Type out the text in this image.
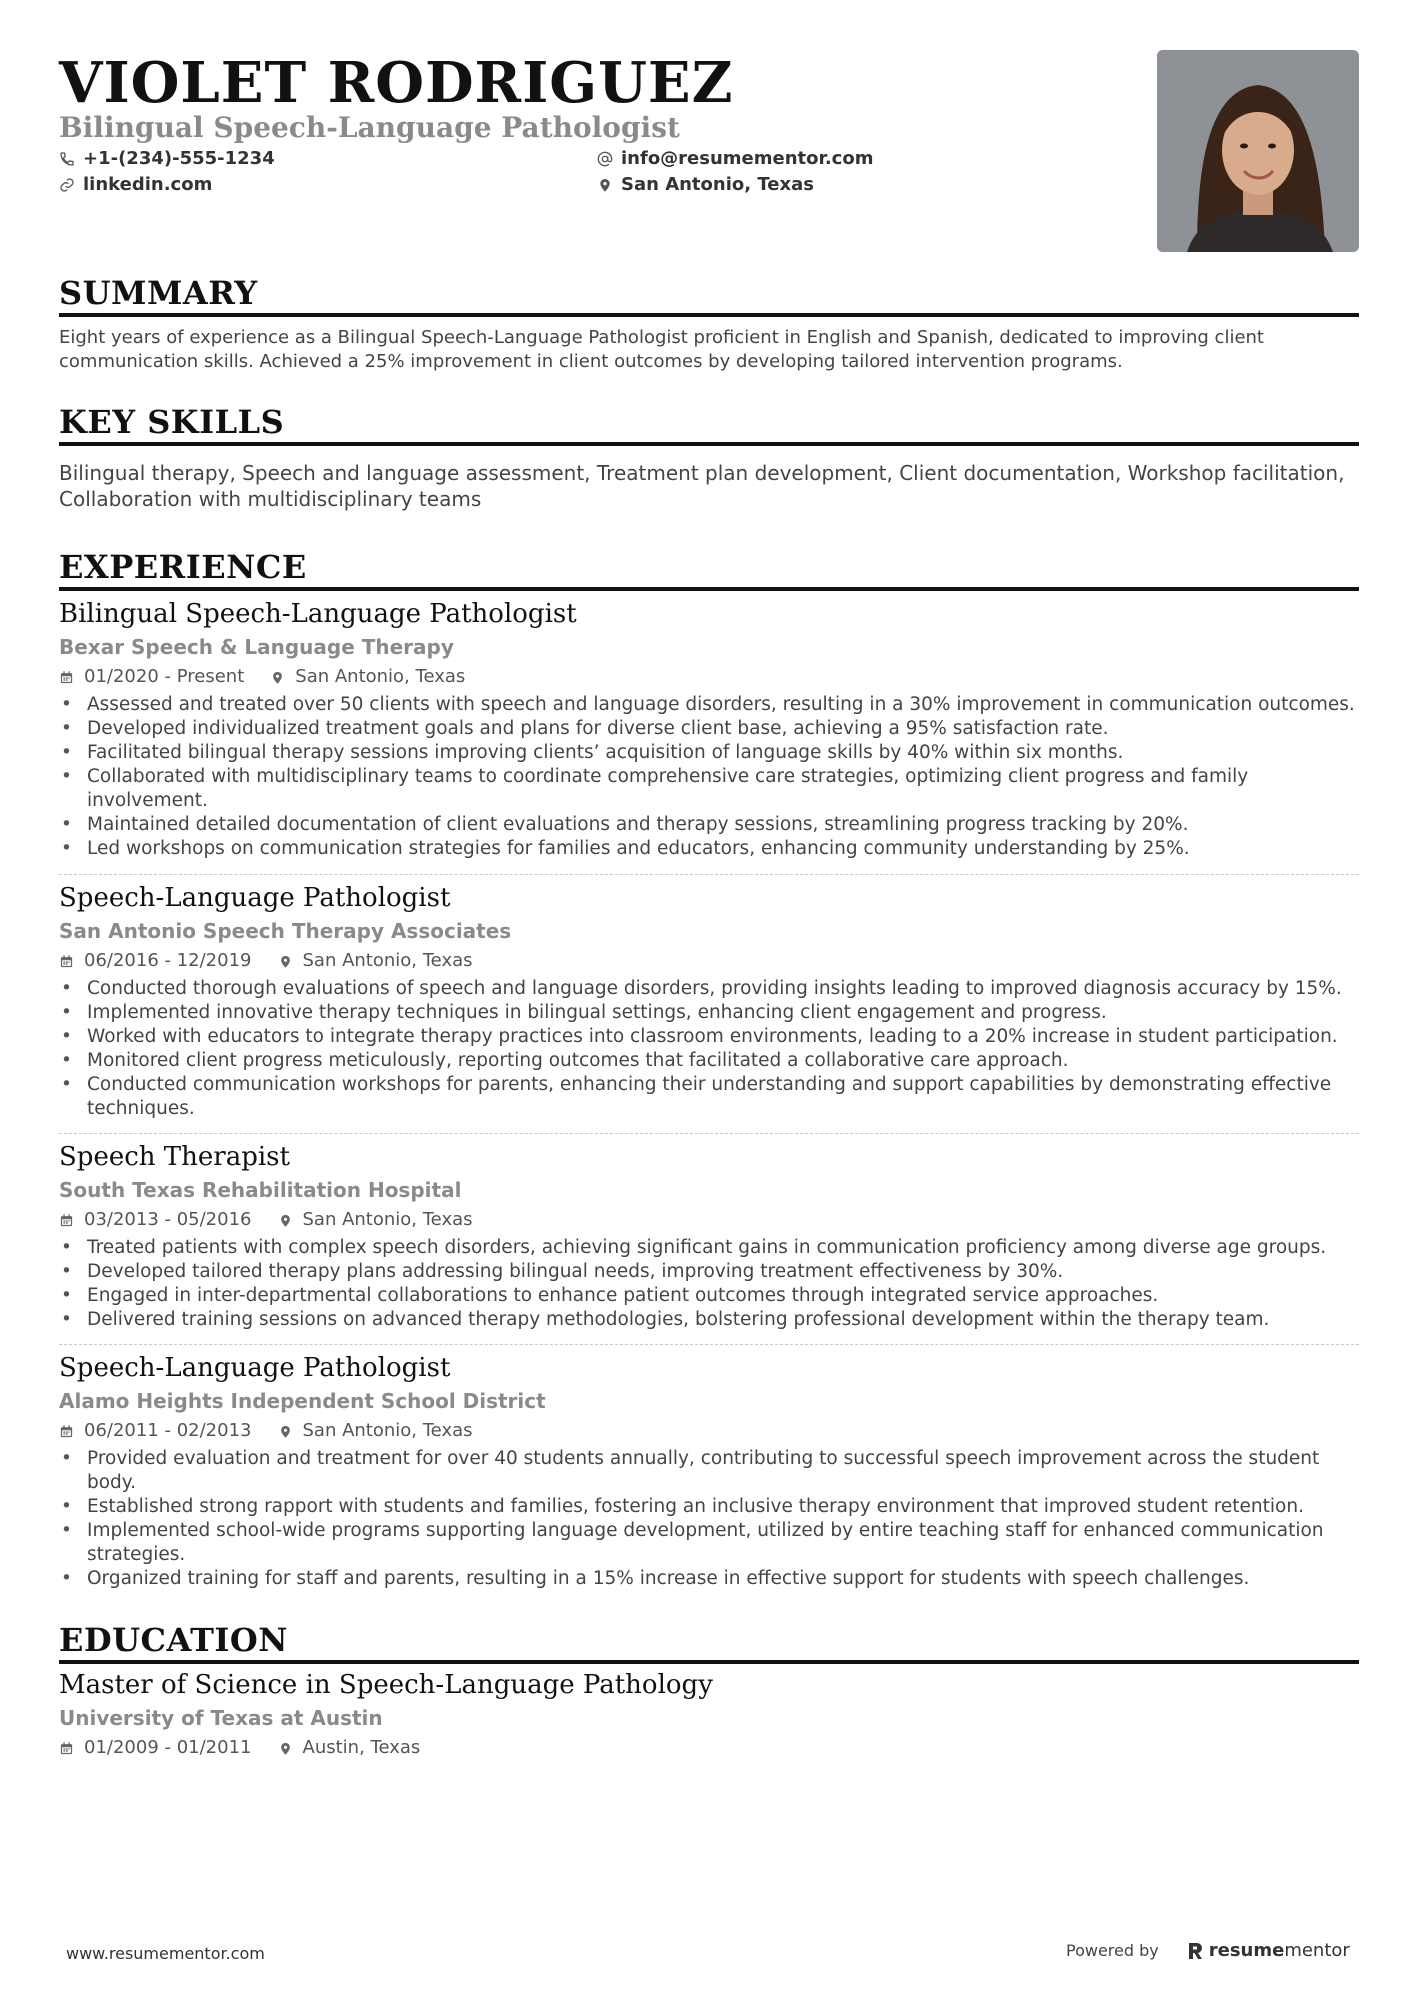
VIOLET RODRIGUEZ
Bilingual Speech-Language Pathologist
+1-(234)-555-1234
linkedin.com
info@resumementor.com
San Antonio, Texas
SUMMARY
Eight years of experience as a Bilingual Speech-Language Pathologist proficient in English and Spanish, dedicated to improving client communication skills. Achieved a 25% improvement in client outcomes by developing tailored intervention programs.
KEY SKILLS
Bilingual therapy, Speech and language assessment, Treatment plan development, Client documentation, Workshop facilitation, Collaboration with multidisciplinary teams
EXPERIENCE
Bilingual Speech-Language Pathologist
Bexar Speech & Language Therapy
01/2020 - Present	San Antonio, Texas
• Assessed and treated over 50 clients with speech and language disorders, resulting in a 30% improvement in communication outcomes.
• Developed individualized treatment goals and plans for diverse client base, achieving a 95% satisfaction rate.
• Facilitated bilingual therapy sessions improving clients’ acquisition of language skills by 40% within six months.
• Collaborated with multidisciplinary teams to coordinate comprehensive care strategies, optimizing client progress and family involvement.
• Maintained detailed documentation of client evaluations and therapy sessions, streamlining progress tracking by 20%.
• Led workshops on communication strategies for families and educators, enhancing community understanding by 25%.
Speech-Language Pathologist
San Antonio Speech Therapy Associates
06/2016 - 12/2019	San Antonio, Texas
• Conducted thorough evaluations of speech and language disorders, providing insights leading to improved diagnosis accuracy by 15%.
• Implemented innovative therapy techniques in bilingual settings, enhancing client engagement and progress.
• Worked with educators to integrate therapy practices into classroom environments, leading to a 20% increase in student participation.
• Monitored client progress meticulously, reporting outcomes that facilitated a collaborative care approach.
• Conducted communication workshops for parents, enhancing their understanding and support capabilities by demonstrating effective techniques.
Speech Therapist
South Texas Rehabilitation Hospital
03/2013 - 05/2016	San Antonio, Texas
• Treated patients with complex speech disorders, achieving significant gains in communication proficiency among diverse age groups.
• Developed tailored therapy plans addressing bilingual needs, improving treatment effectiveness by 30%.
• Engaged in inter-departmental collaborations to enhance patient outcomes through integrated service approaches.
• Delivered training sessions on advanced therapy methodologies, bolstering professional development within the therapy team.
Speech-Language Pathologist
Alamo Heights Independent School District
06/2011 - 02/2013	San Antonio, Texas
• Provided evaluation and treatment for over 40 students annually, contributing to successful speech improvement across the student body.
• Established strong rapport with students and families, fostering an inclusive therapy environment that improved student retention.
• Implemented school-wide programs supporting language development, utilized by entire teaching staff for enhanced communication strategies.
• Organized training for staff and parents, resulting in a 15% increase in effective support for students with speech challenges.
EDUCATION
Master of Science in Speech-Language Pathology
University of Texas at Austin
01/2009 - 01/2011	Austin, Texas
www.resumementor.com	Powered by	resumementor
